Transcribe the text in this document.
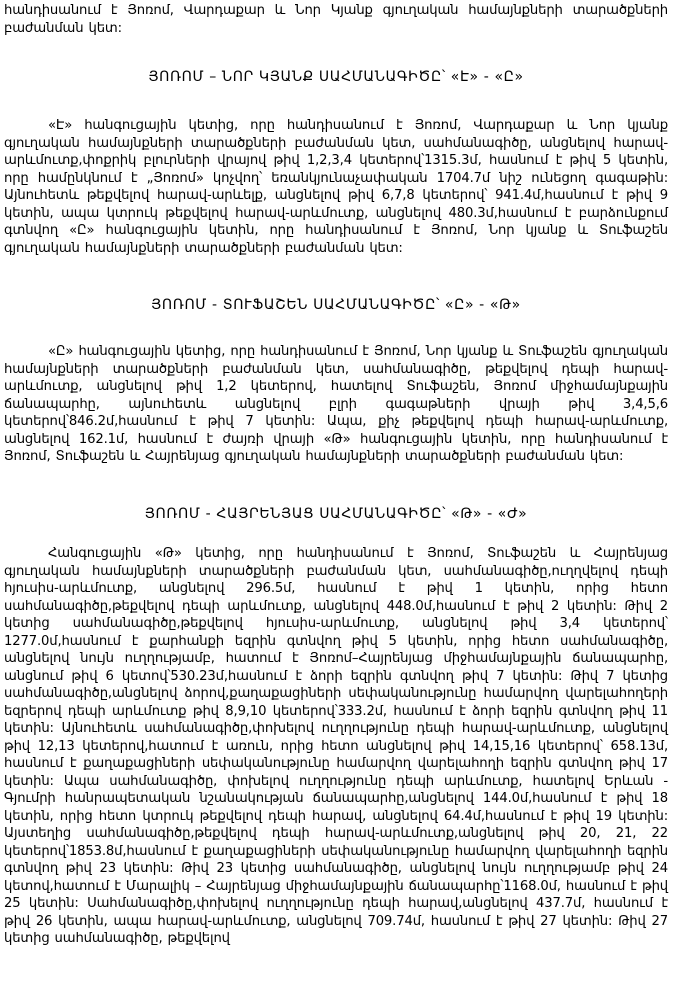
հանդիսանում է Յոռոմ, Վարդաքար և Նոր Կյանք գյուղական համայնքների տարածքների բաժանման կետ:

ՅՈՌՈՄ – ՆՈՐ ԿՅԱՆՔ ՍԱՀՄԱՆԱԳԻԾԸ՝ «Է» - «Ը»

«Է» հանգուցային կետից, որը հանդիսանում է Յոռոմ, Վարդաքար և Նոր կյանք գյուղական համայնքների տարածքների բաժանման կետ, սահմանագիծը, անցնելով հարավ-արևմուտք,փոքրիկ բլուրների վրայով թիվ 1,2,3,4 կետերով՝1315.3մ, հասնում է թիվ 5 կետին, որը համընկնում է „Յոռոմ» կոչվող՝ եռանկյունաչափական 1704.7մ նիշ ունեցող գագաթին: Այնուհետև թեքվելով հարավ-արևելք, անցնելով թիվ 6,7,8 կետերով՝ 941.4մ,հասնում է թիվ 9 կետին, ապա կտրուկ թեքվելով հարավ-արևմուտք, անցնելով 480.3մ,հասնում է բարձունքում գտնվող «Ը» հանգուցային կետին, որը հանդիսանում է Յոռոմ, Նոր կյանք և Տուֆաշեն գյուղական համայնքների տարածքների բաժանման կետ:

ՅՈՌՈՄ - ՏՈՒՖԱՇԵՆ ՍԱՀՄԱՆԱԳԻԾԸ՝ «Ը» - «Թ»

«Ը» հանգուցային կետից, որը հանդիսանում է Յոռոմ, Նոր կյանք և Տուֆաշեն գյուղական համայնքների տարածքների բաժանման կետ, սահմանագիծը, թեքվելով դեպի հարավ-արևմուտք, անցնելով թիվ 1,2 կետերով, հատելով Տուֆաշեն, Յոռոմ միջհամայնքային ճանապարհը, այնուհետև անցնելով բլրի գագաթների վրայի թիվ 3,4,5,6 կետերով՝846.2մ,հասնում է թիվ 7 կետին: Ապա, քիչ թեքվելով դեպի հարավ-արևմուտք, անցնելով 162.1մ, հասնում է ժայռի վրայի «Թ» հանգուցային կետին, որը հանդիսանում է Յոռոմ, Տուֆաշեն և Հայրենյաց գյուղական համայնքների տարածքների բաժանման կետ:

ՅՈՌՈՄ - ՀԱՅՐԵՆՅԱՑ ՍԱՀՄԱՆԱԳԻԾԸ՝ «Թ» - «Ժ»

Հանգուցային «Թ» կետից, որը հանդիսանում է Յոռոմ, Տուֆաշեն և Հայրենյաց գյուղական համայնքների տարածքների բաժանման կետ, սահմանագիծը,ուղղվելով դեպի հյուսիս-արևմուտք, անցնելով 296.5մ, հասնում է թիվ 1 կետին, որից հետո սահմանագիծը,թեքվելով դեպի արևմուտք, անցնելով 448.0մ,հասնում է թիվ 2 կետին: Թիվ 2 կետից սահմանագիծը,թեքվելով հյուսիս-արևմուտք, անցնելով թիվ 3,4 կետերով՝ 1277.0մ,հասնում է քարհանքի եզրին գտնվող թիվ 5 կետին, որից հետո սահմանագիծը, անցնելով նույն ուղղությամբ, հատում է Յոռոմ–Հայրենյաց միջհամայնքային ճանապարհը, անցնում թիվ 6 կետով՝530.23մ,հասնում է ձորի եզրին գտնվող թիվ 7 կետին: Թիվ 7 կետից սահմանագիծը,անցնելով ձորով,քաղաքացիների սեփականությունը համարվող վարելահողերի եզրերով դեպի արևմուտք թիվ 8,9,10 կետերով՝333.2մ, հասնում է ձորի եզրին գտնվող թիվ 11 կետին: Այնուհետև սահմանագիծը,փոխելով ուղղությունը դեպի հարավ-արևմուտք, անցնելով թիվ 12,13 կետերով,հատում է առուն, որից հետո անցնելով թիվ 14,15,16 կետերով՝ 658.13մ, հասնում է քաղաքացիների սեփականությունը համարվող վարելահողի եզրին գտնվող թիվ 17 կետին: Ապա սահմանագիծը, փոխելով ուղղությունը դեպի արևմուտք, հատելով Երևան - Գյումրի հանրապետական նշանակության ճանապարհը,անցնելով 144.0մ,հասնում է թիվ 18 կետին, որից հետո կտրուկ թեքվելով դեպի հարավ, անցնելով 64.4մ,հասնում է թիվ 19 կետին: Այստեղից սահմանագիծը,թեքվելով դեպի հարավ-արևմուտք,անցնելով թիվ 20, 21, 22 կետերով՝1853.8մ,հասնում է քաղաքացիների սեփականությունը համարվող վարելահողի եզրին գտնվող թիվ 23 կետին: Թիվ 23 կետից սահմանագիծը, անցնելով նույն ուղղությամբ թիվ 24 կետով,հատում է Մարալիկ – Հայրենյաց միջհամայնքային ճանապարհը՝1168.0մ, հասնում է թիվ 25 կետին: Սահմանագիծը,փոխելով ուղղությունը դեպի հարավ,անցնելով 437.7մ, հասնում է թիվ 26 կետին, ապա հարավ-արևմուտք, անցնելով 709.74մ, հասնում է թիվ 27 կետին: Թիվ 27 կետից սահմանագիծը, թեքվելով
